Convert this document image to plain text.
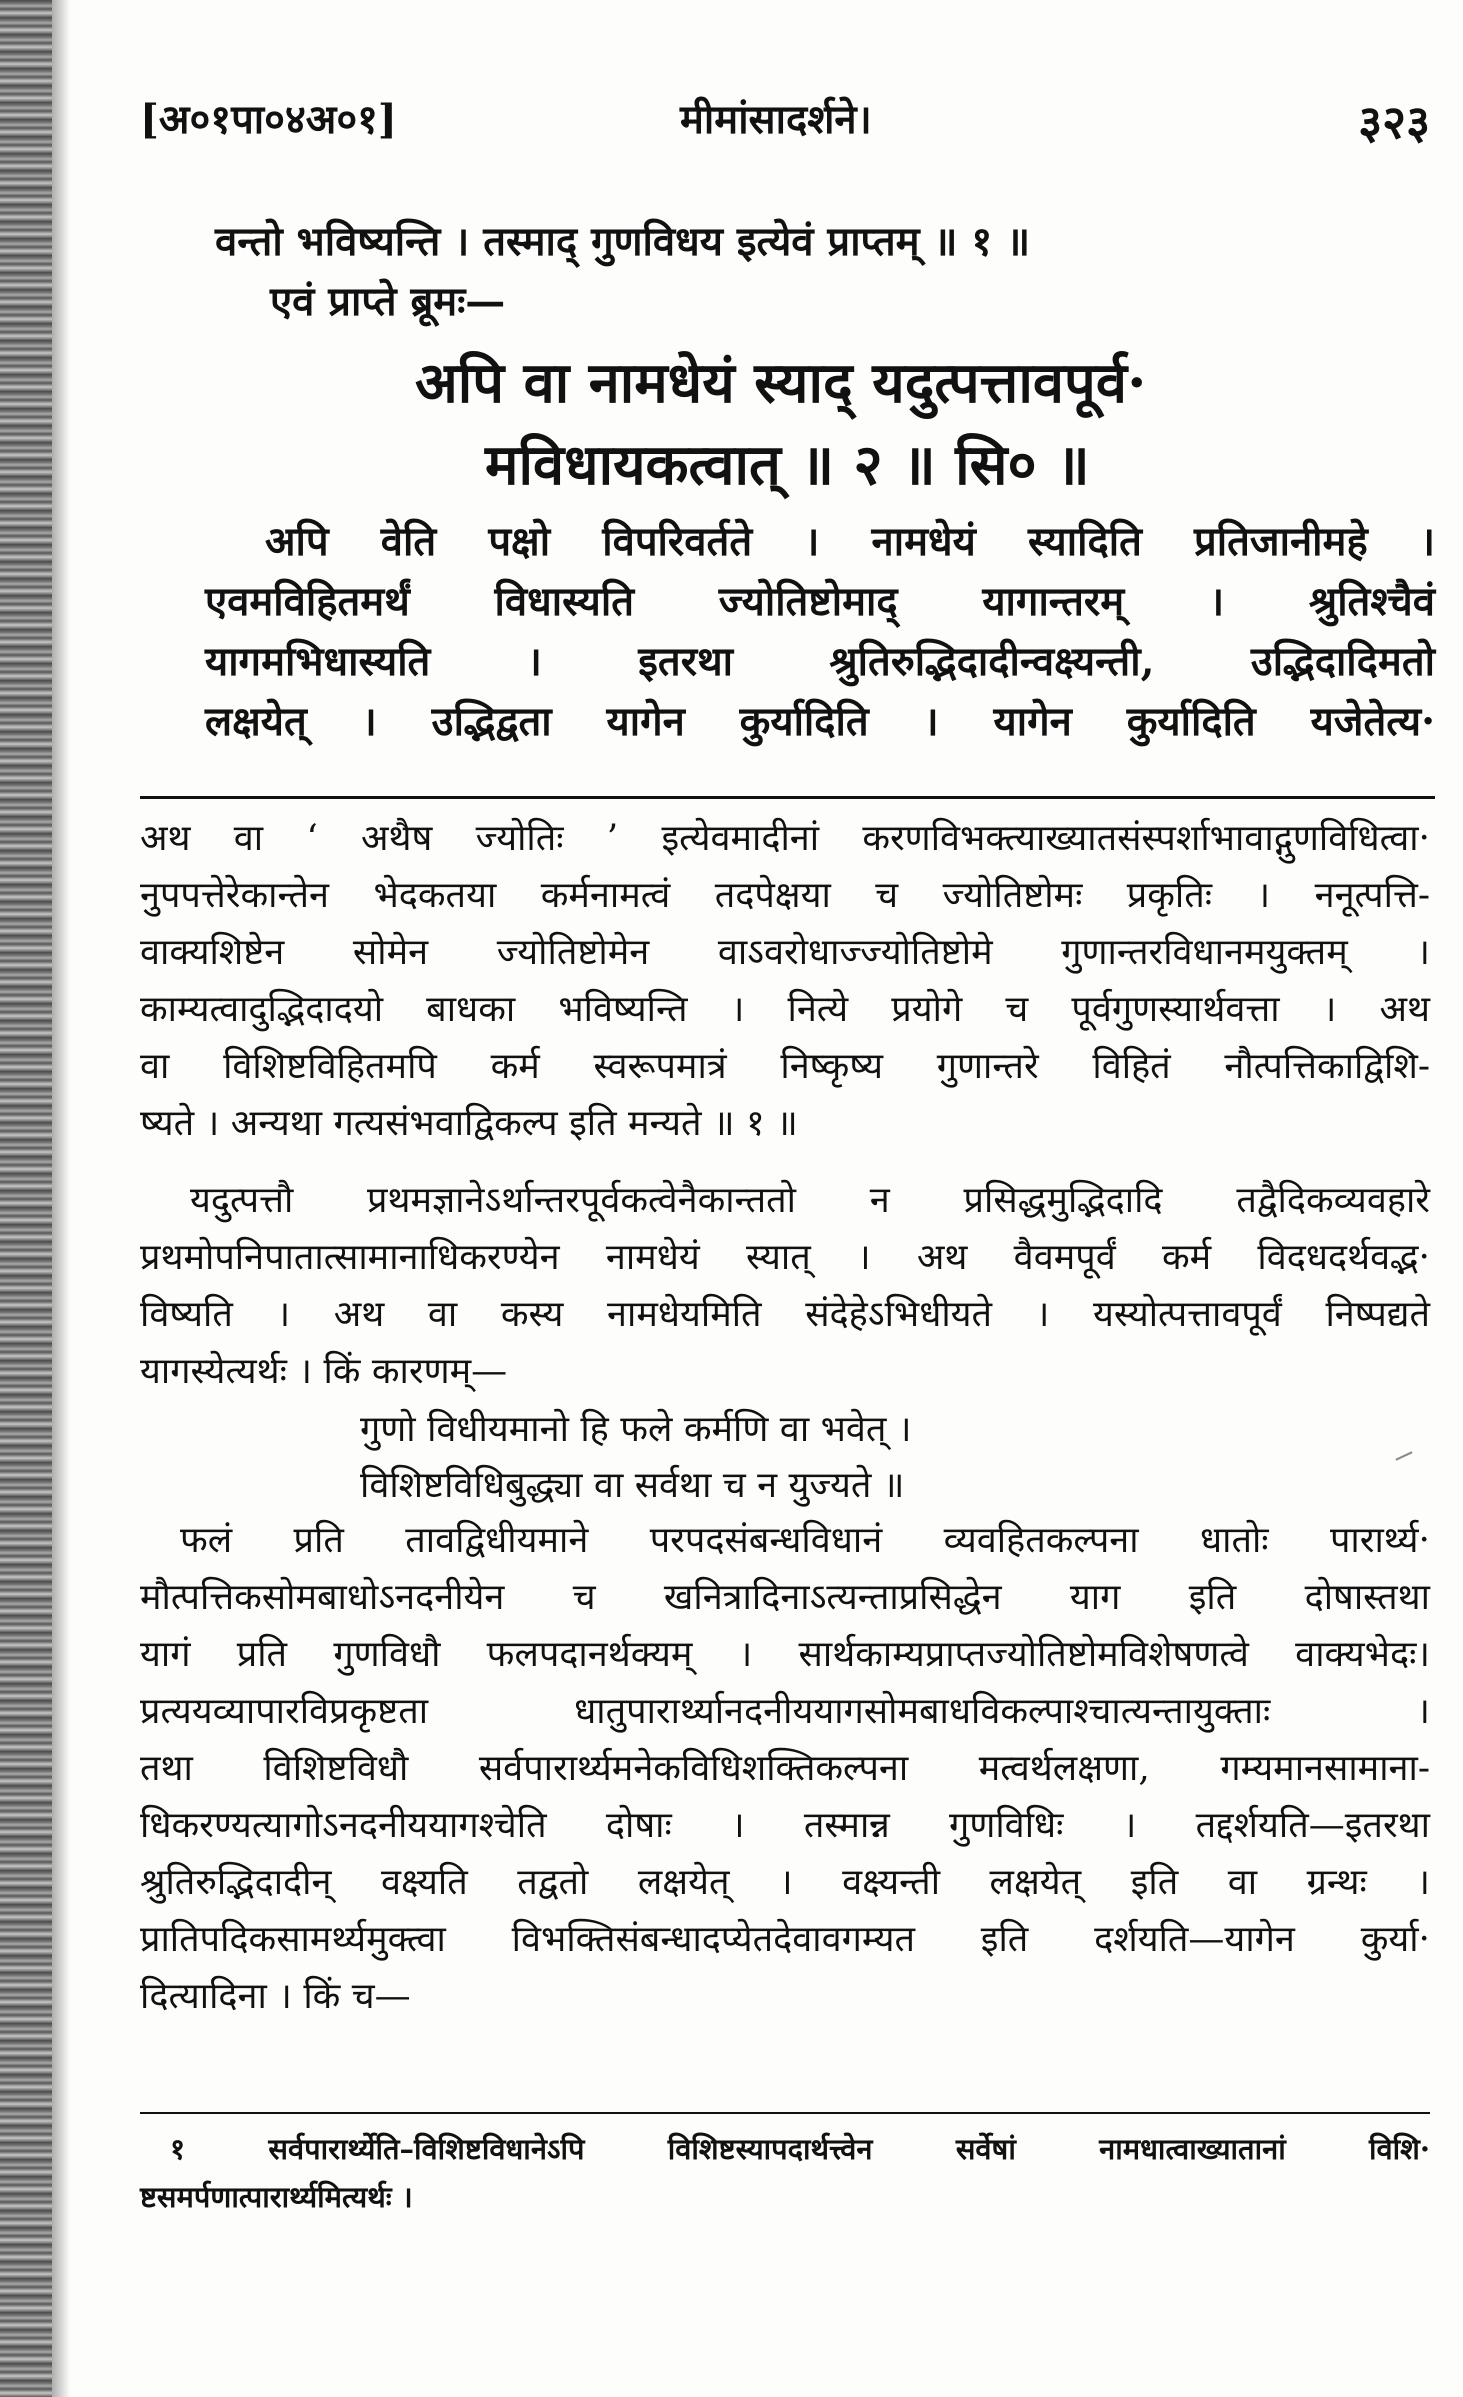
[अ०१पा०४अ०१]	मीमांसादर्शने।	३२३
वन्तो भविष्यन्ति । तस्माद् गुणविधय इत्येवं प्राप्तम् ॥ १ ॥
एवं प्राप्ते ब्रूमः—
अपि वा नामधेयं स्याद् यदुत्पत्तावपूर्व·
मविधायकत्वात् ॥ २ ॥ सि० ॥
अपि वेति पक्षो विपरिवर्तते । नामधेयं स्यादिति प्रतिजानीमहे ।
एवमविहितमर्थं विधास्यति ज्योतिष्टोमाद् यागान्तरम् । श्रुतिश्चैवं
यागमभिधास्यति । इतरथा श्रुतिरुद्भिदादीन्वक्ष्यन्ती, उद्भिदादिमतो
लक्षयेत् । उद्भिद्वता यागेन कुर्यादिति । यागेन कुर्यादिति यजेतेत्य·
अथ वा ‘ अथैष ज्योतिः ’ इत्येवमादीनां करणविभक्त्याख्यातसंस्पर्शाभावाद्गुणविधित्वा·
नुपपत्तेरेकान्तेन भेदकतया कर्मनामत्वं तदपेक्षया च ज्योतिष्टोमः प्रकृतिः । ननूत्पत्ति-
वाक्यशिष्टेन सोमेन ज्योतिष्टोमेन वाऽवरोधाज्ज्योतिष्टोमे गुणान्तरविधानमयुक्तम् ।
काम्यत्वादुद्भिदादयो बाधका भविष्यन्ति । नित्ये प्रयोगे च पूर्वगुणस्यार्थवत्ता । अथ
वा विशिष्टविहितमपि कर्म स्वरूपमात्रं निष्कृष्य गुणान्तरे विहितं नौत्पत्तिकाद्विशि-
ष्यते । अन्यथा गत्यसंभवाद्विकल्प इति मन्यते ॥ १ ॥
यदुत्पत्तौ प्रथमज्ञानेऽर्थान्तरपूर्वकत्वेनैकान्ततो न प्रसिद्धमुद्भिदादि तद्वैदिकव्यवहारे
प्रथमोपनिपातात्सामानाधिकरण्येन नामधेयं स्यात् । अथ वैवमपूर्वं कर्म विदधदर्थवद्भ·
विष्यति । अथ वा कस्य नामधेयमिति संदेहेऽभिधीयते । यस्योत्पत्तावपूर्वं निष्पद्यते
यागस्येत्यर्थः । किं कारणम्—
गुणो विधीयमानो हि फले कर्मणि वा भवेत् ।
विशिष्टविधिबुद्ध्या वा सर्वथा च न युज्यते ॥
फलं प्रति तावद्विधीयमाने परपदसंबन्धविधानं व्यवहितकल्पना धातोः पारार्थ्य·
मौत्पत्तिकसोमबाधोऽनदनीयेन च खनित्रादिनाऽत्यन्ताप्रसिद्धेन याग इति दोषास्तथा
यागं प्रति गुणविधौ फलपदानर्थक्यम् । सार्थकाम्यप्राप्तज्योतिष्टोमविशेषणत्वे वाक्यभेदः।
प्रत्ययव्यापारविप्रकृष्टता धातुपारार्थ्यानदनीययागसोमबाधविकल्पाश्चात्यन्तायुक्ताः ।
तथा विशिष्टविधौ सर्वपारार्थ्यमनेकविधिशक्तिकल्पना मत्वर्थलक्षणा, गम्यमानसामाना-
धिकरण्यत्यागोऽनदनीययागश्चेति दोषाः । तस्मान्न गुणविधिः । तद्दर्शयति—इतरथा
श्रुतिरुद्भिदादीन् वक्ष्यति तद्वतो लक्षयेत् । वक्ष्यन्ती लक्षयेत् इति वा ग्रन्थः ।
प्रातिपदिकसामर्थ्यमुक्त्वा विभक्तिसंबन्धादप्येतदेवावगम्यत इति दर्शयति—यागेन कुर्या·
दित्यादिना । किं च—
१ सर्वपारार्थ्येति–विशिष्टविधानेऽपि विशिष्टस्यापदार्थत्त्वेन सर्वेषां नामधात्वाख्यातानां विशि·
ष्टसमर्पणात्पारार्थ्यमित्यर्थः ।
